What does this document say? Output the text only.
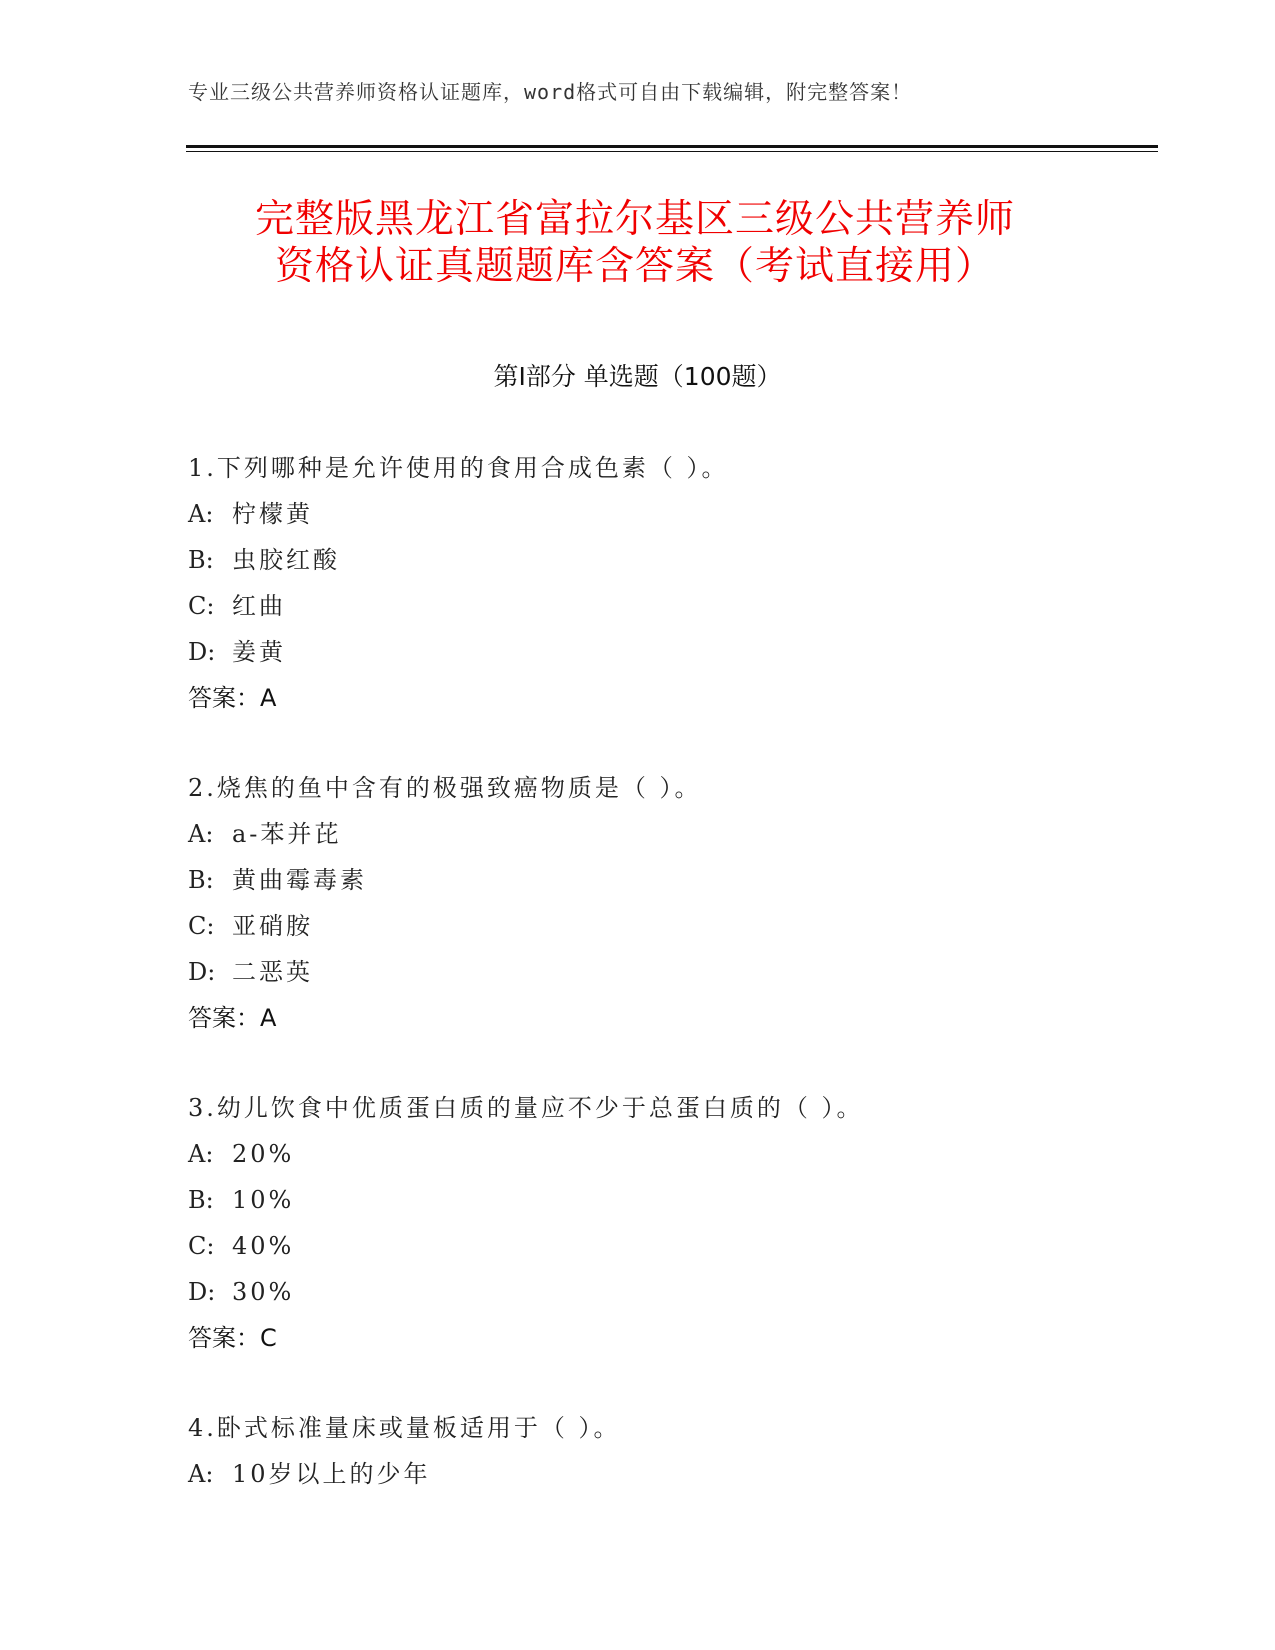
专业三级公共营养师资格认证题库，word格式可自由下载编辑，附完整答案！
完整版黑龙江省富拉尔基区三级公共营养师
资格认证真题题库含答案（考试直接用）
第Ⅰ部分 单选题（100题）
1.下列哪种是允许使用的食用合成色素（ ）。
A: 柠檬黄
B: 虫胶红酸
C: 红曲
D: 姜黄
答案：A
2.烧焦的鱼中含有的极强致癌物质是（ ）。
A: a-苯并芘
B: 黄曲霉毒素
C: 亚硝胺
D: 二恶英
答案：A
3.幼儿饮食中优质蛋白质的量应不少于总蛋白质的（ ）。
A: 20%
B: 10%
C: 40%
D: 30%
答案：C
4.卧式标准量床或量板适用于（ ）。
A: 10岁以上的少年
